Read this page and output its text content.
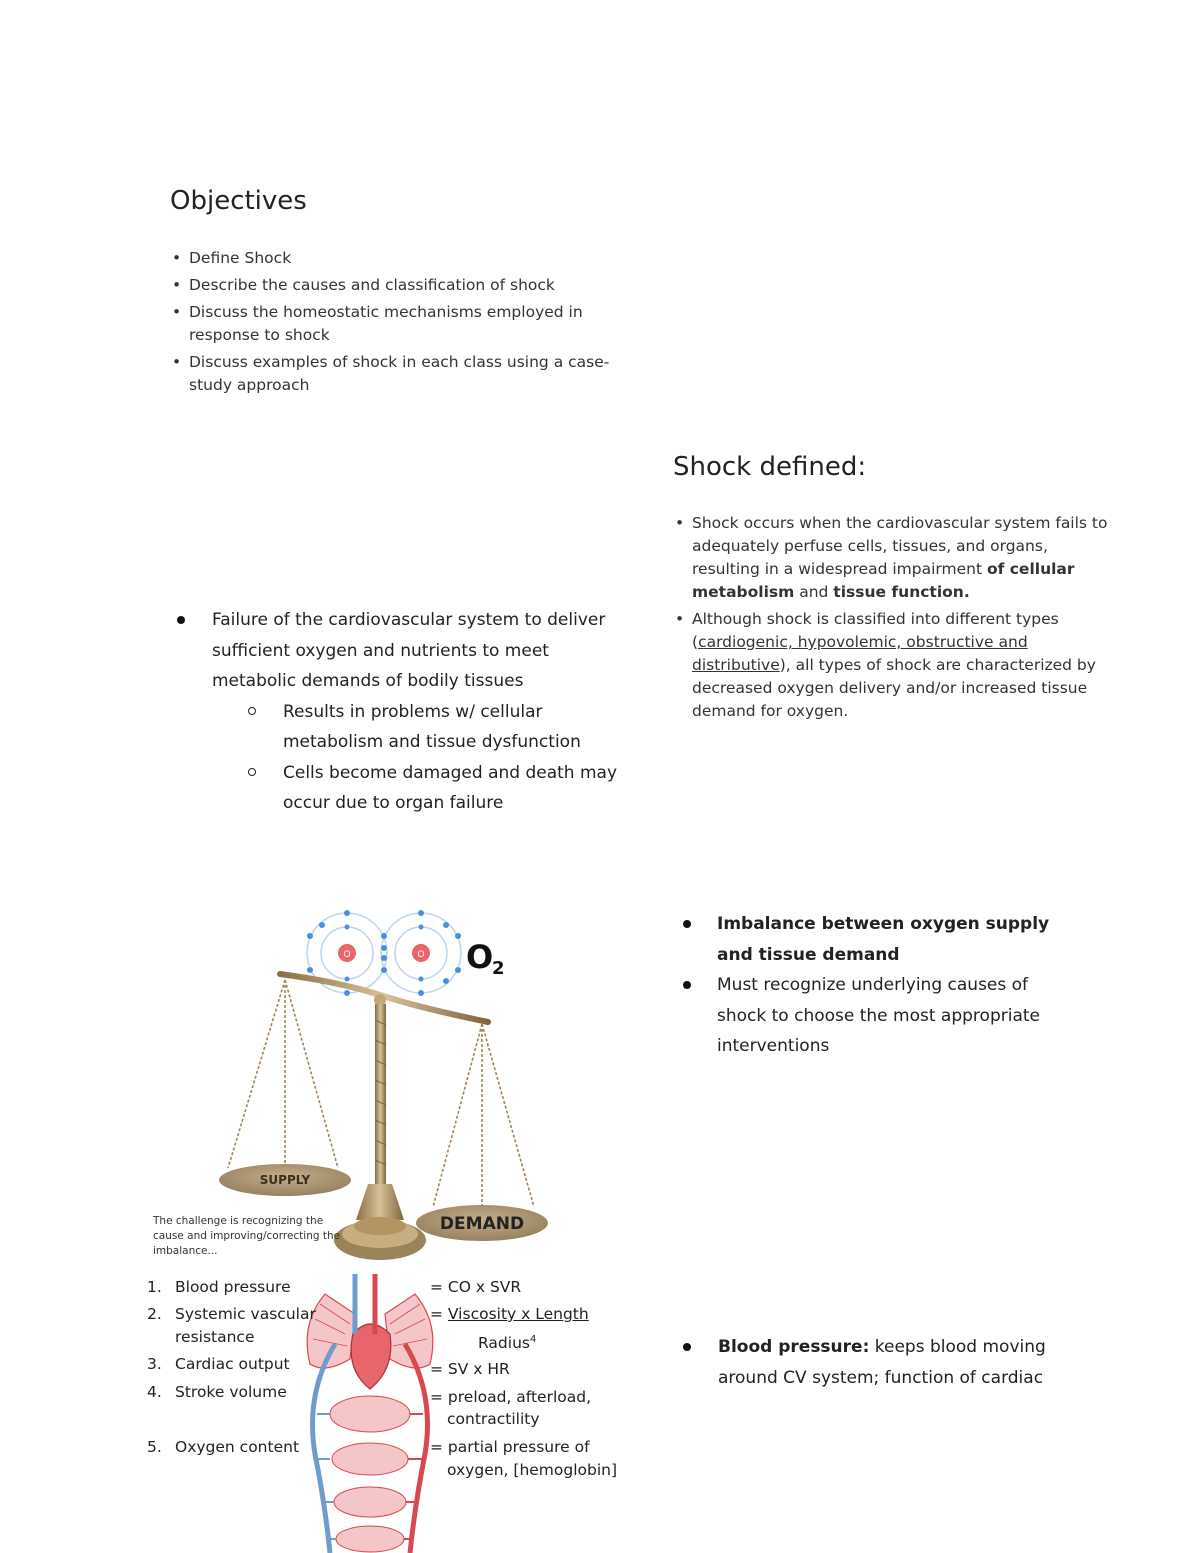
Objectives
• Define Shock
• Describe the causes and classification of shock
• Discuss the homeostatic mechanisms employed in
response to shock
• Discuss examples of shock in each class using a case-
study approach
Shock defined:
• Shock occurs when the cardiovascular system fails to
adequately perfuse cells, tissues, and organs,
resulting in a widespread impairment of cellular
metabolism and tissue function.
• Although shock is classified into different types
(cardiogenic, hypovolemic, obstructive and
distributive), all types of shock are characterized by
decreased oxygen delivery and/or increased tissue
demand for oxygen.
Failure of the cardiovascular system to deliver
sufficient oxygen and nutrients to meet
metabolic demands of bodily tissues
Results in problems w/ cellular
metabolism and tissue dysfunction
Cells become damaged and death may
occur due to organ failure
Imbalance between oxygen supply
and tissue demand
Must recognize underlying causes of
shock to choose the most appropriate
interventions
Blood pressure: keeps blood moving
around CV system; function of cardiac
O	O O
2
SUPPLY
DEMAND
The challenge is recognizing the
cause and improving/correcting the
imbalance...
1. Blood pressure
2. Systemic vascular
resistance
3. Cardiac output
4. Stroke volume
5. Oxygen content
= CO x SVR
= Viscosity x Length
Radius$^4$
= SV x HR
= preload, afterload,
contractility
= partial pressure of
oxygen, [hemoglobin]
